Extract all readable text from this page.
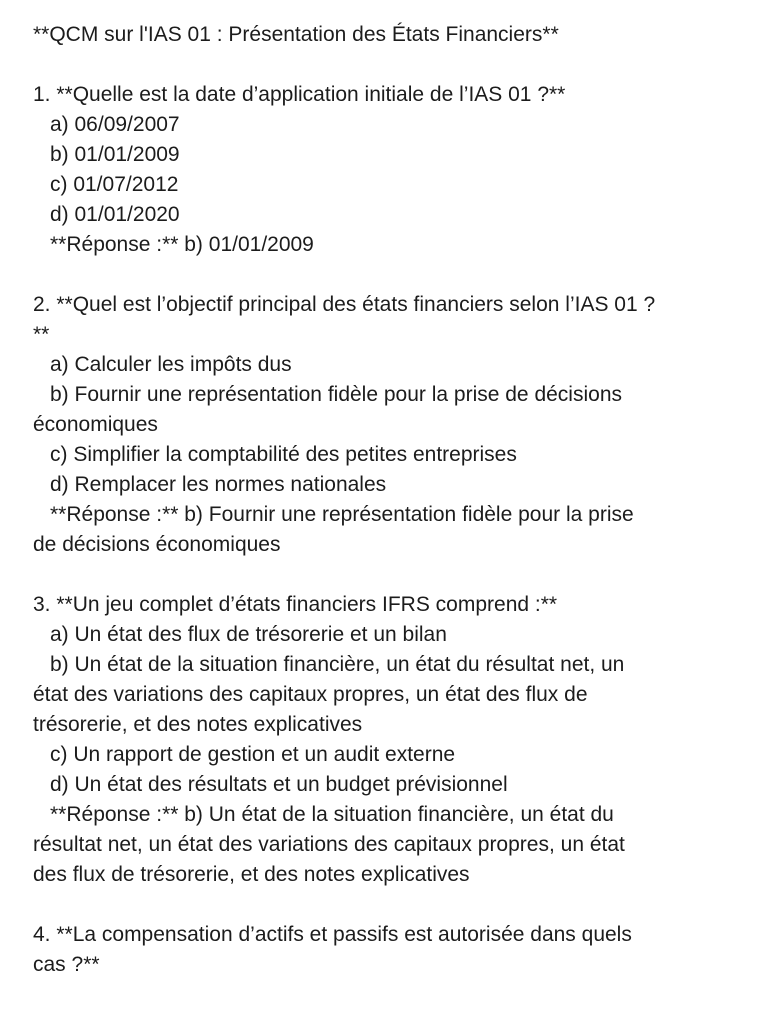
**QCM sur l'IAS 01 : Présentation des États Financiers**

1. **Quelle est la date d’application initiale de l’IAS 01 ?**

a) 06/09/2007

b) 01/01/2009

c) 01/07/2012

d) 01/01/2020

**Réponse :** b) 01/01/2009

2. **Quel est l’objectif principal des états financiers selon l’IAS 01 ?

**

a) Calculer les impôts dus

b) Fournir une représentation fidèle pour la prise de décisions

économiques

c) Simplifier la comptabilité des petites entreprises

d) Remplacer les normes nationales

**Réponse :** b) Fournir une représentation fidèle pour la prise

de décisions économiques

3. **Un jeu complet d’états financiers IFRS comprend :**

a) Un état des flux de trésorerie et un bilan

b) Un état de la situation financière, un état du résultat net, un

état des variations des capitaux propres, un état des flux de

trésorerie, et des notes explicatives

c) Un rapport de gestion et un audit externe

d) Un état des résultats et un budget prévisionnel

**Réponse :** b) Un état de la situation financière, un état du

résultat net, un état des variations des capitaux propres, un état

des flux de trésorerie, et des notes explicatives

4. **La compensation d’actifs et passifs est autorisée dans quels

cas ?**
